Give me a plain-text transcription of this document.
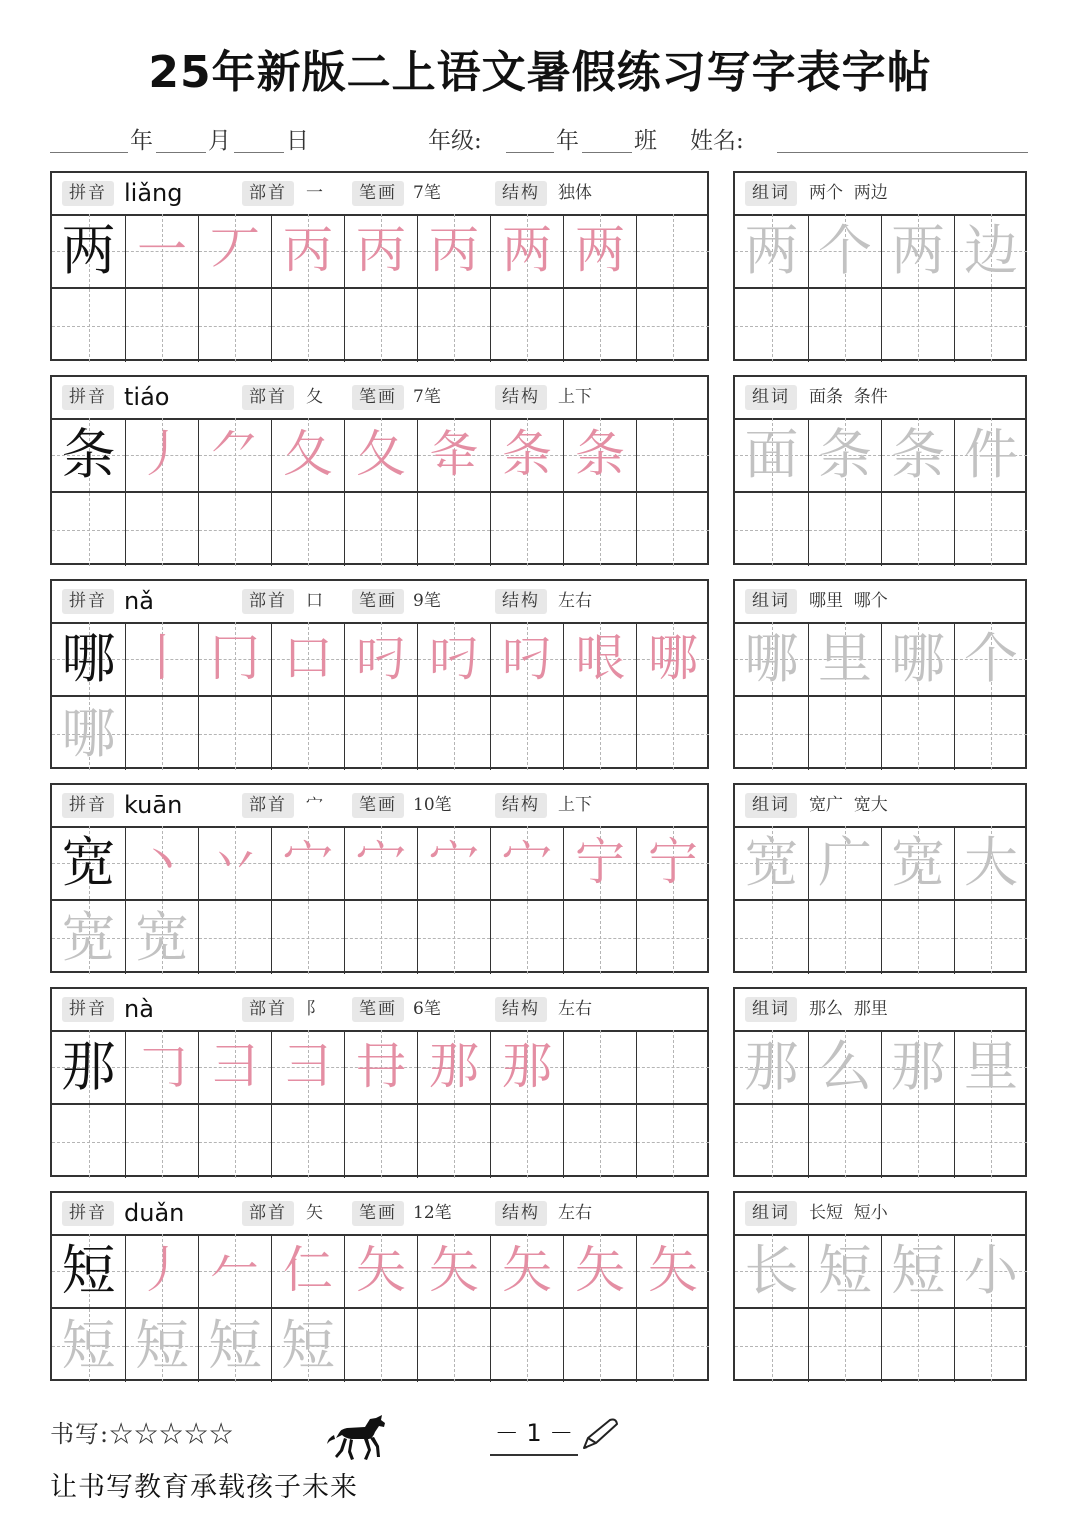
25年新版二上语文暑假练习写字表字帖
年 月 日	年级:	年 班 姓名:
拼音 liǎng	部首	一	笔画 7笔	结构	独体
两 一 丆 丙 丙 丙 两 两
组词	两个  两边
两 个 两 边
拼音 tiáo	部首	夂	笔画 7笔	结构	上下
条 丿 ⺈ 夂 夂 夅 条 条
组词	面条  条件
面 条 条 件
拼音 nǎ	部首	口	笔画 9笔	结构	左右
哪 丨 冂 口 叼 叼 叼 哏 哪
哪
组词	哪里  哪个
哪 里 哪 个
拼音 kuān	部首	宀	笔画 10笔	结构	上下
宽 丶 丷 宀 宀 宀 宀 宁 宁
宽 宽
组词	宽广  宽大
宽 广 宽 大
拼音 nà	部首	阝	笔画 6笔	结构	左右
那 𠃌 彐 彐 冄 那 那
组词	那么  那里
那 么 那 里
拼音 duǎn	部首	矢	笔画 12笔	结构	左右
短 丿 𠂉 仁 矢 矢 矢 矢 矢
短 短 短 短
组词	长短  短小
长 短 短 小
书写:☆☆☆☆☆	－ 1 －
让书写教育承载孩子未来
